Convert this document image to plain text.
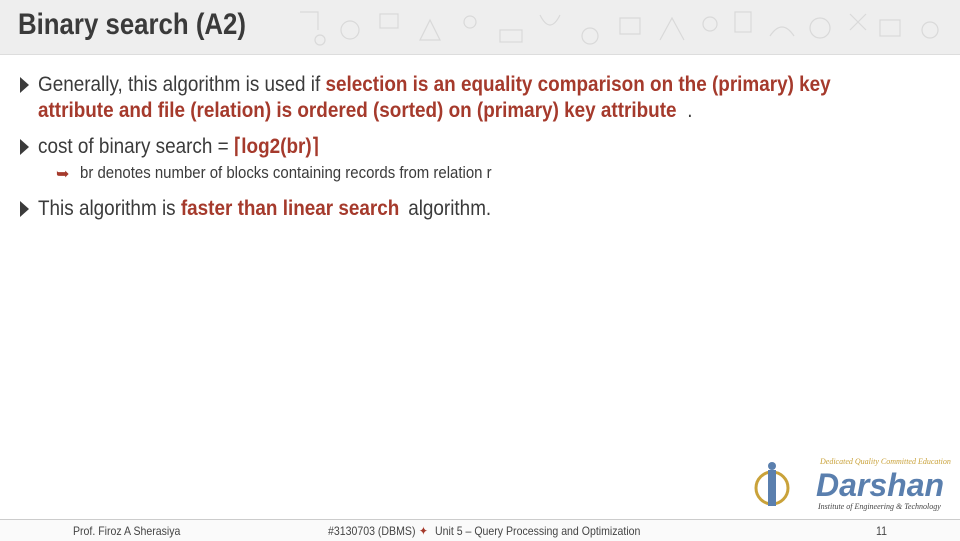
Binary search (A2)
Generally, this algorithm is used if selection is an equality comparison on the (primary) key
attribute and file (relation) is ordered (sorted) on (primary) key attribute .
cost of binary search = ⌈log2(br)⌉
➥ br denotes number of blocks containing records from relation r
This algorithm is faster than linear search algorithm.
Dedicated Quality Committed Education
Darshan
Institute of Engineering & Technology
Prof. Firoz A Sherasiya	#3130703 (DBMS) ✦ Unit 5 – Query Processing and Optimization	11
